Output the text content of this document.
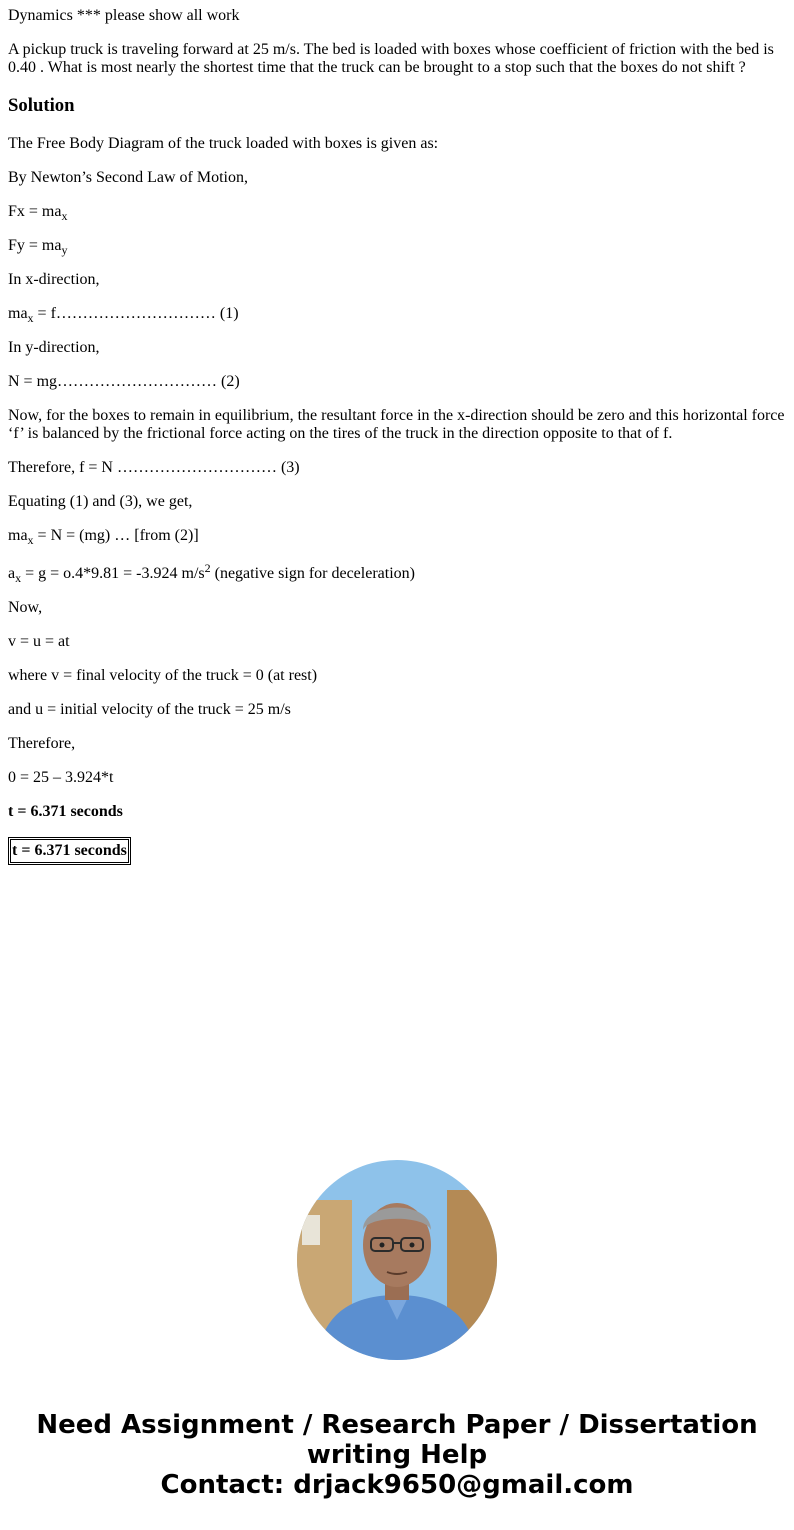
Dynamics *** please show all work

A pickup truck is traveling forward at 25 m/s. The bed is loaded with boxes whose coefficient of friction with the bed is 0.40 . What is most nearly the shortest time that the truck can be brought to a stop such that the boxes do not shift ?

Solution

The Free Body Diagram of the truck loaded with boxes is given as:

By Newton’s Second Law of Motion,

$Fx = ma_x$

$Fy = ma_y$

In x-direction,

$ma_x$ = f………………………… (1)

In y-direction,

N = mg………………………… (2)

Now, for the boxes to remain in equilibrium, the resultant force in the x-direction should be zero and this horizontal force ‘f’ is balanced by the frictional force acting on the tires of the truck in the direction opposite to that of f.

Therefore, f = N ………………………… (3)

Equating (1) and (3), we get,

$ma_x = N = (mg)$ … [from (2)]

$a_x = g = o.4*9.81 = -3.924$ $m/s^2$ (negative sign for deceleration)

Now,

v = u = at

where v = final velocity of the truck = 0 (at rest)

and u = initial velocity of the truck = 25 m/s

Therefore,

0 = 25 – 3.924*t

t = 6.371 seconds

t = 6.371 seconds
Need Assignment / Research Paper / Dissertation
writing Help
Contact: drjack9650@gmail.com
